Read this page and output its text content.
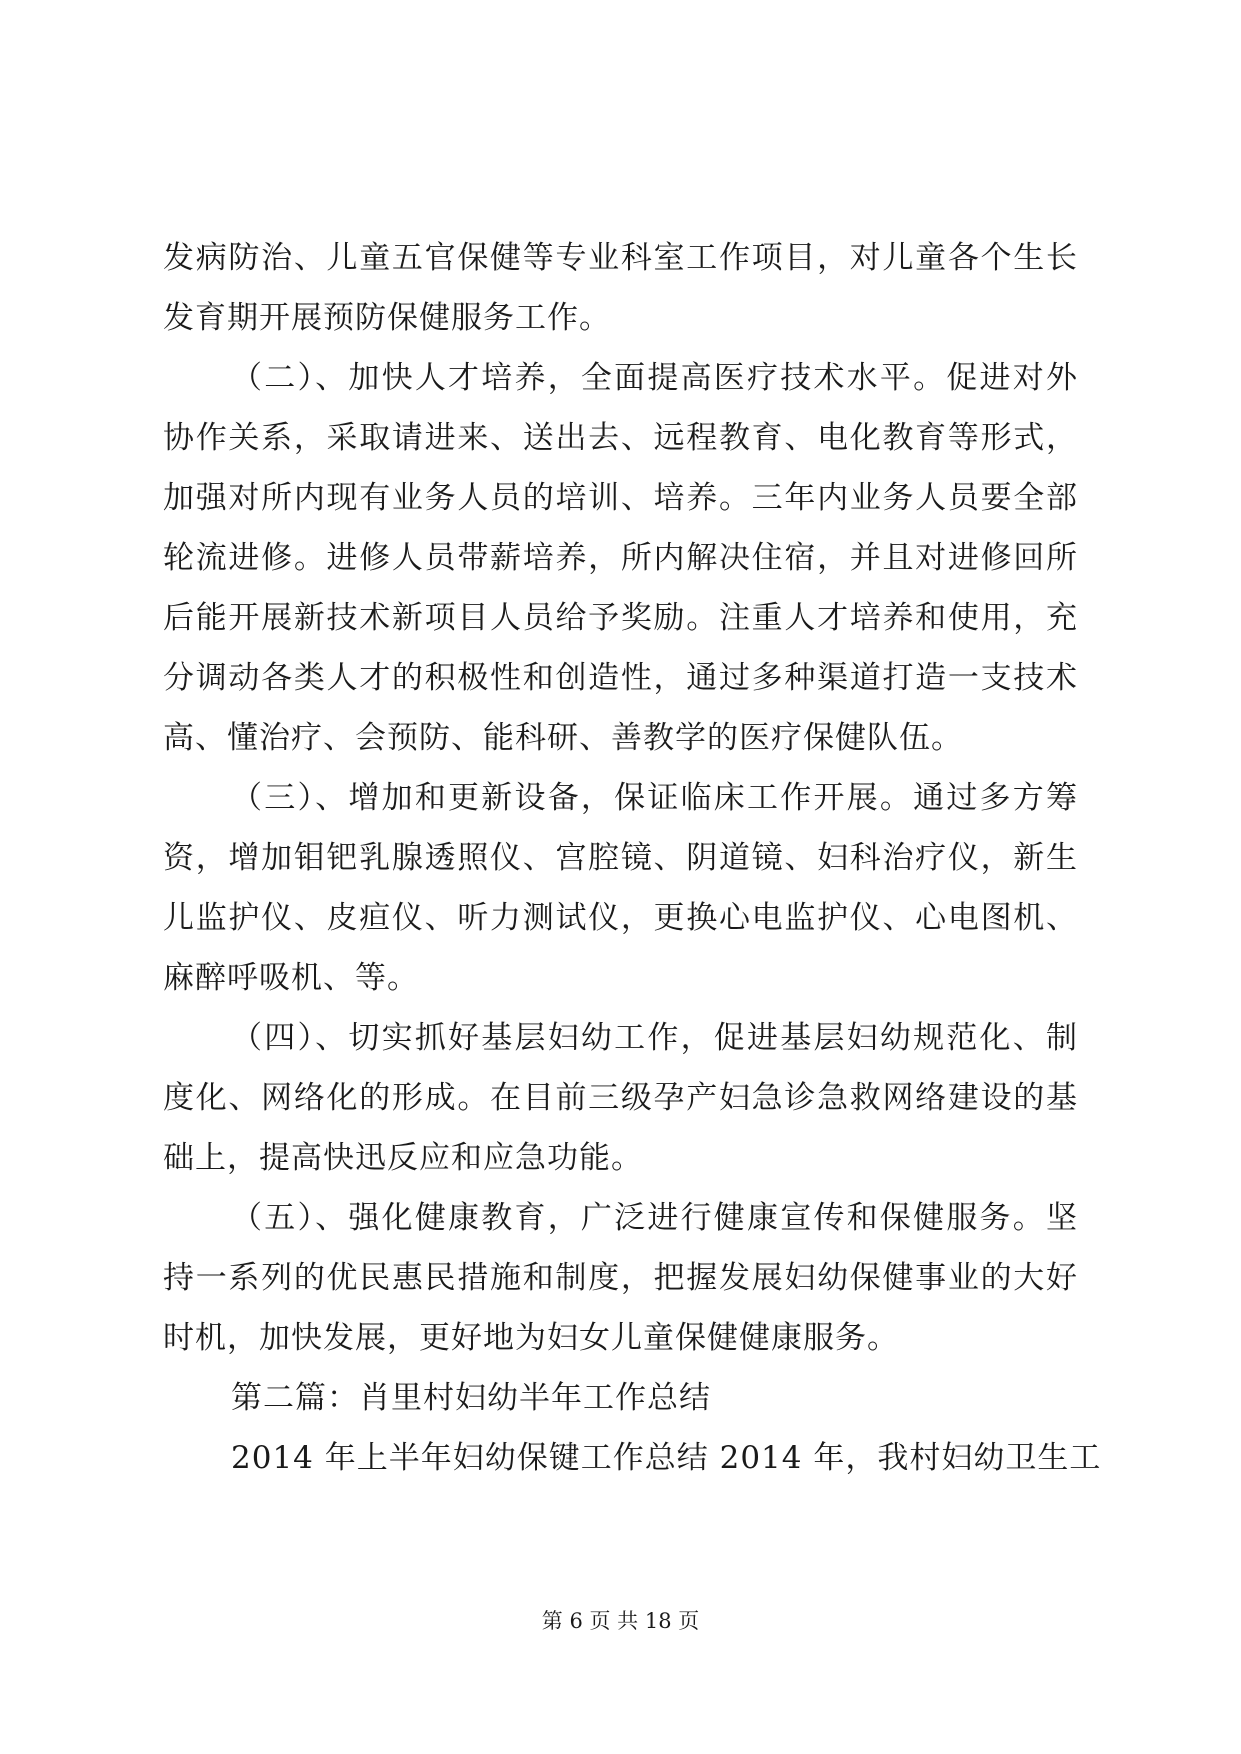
发病防治、儿童五官保健等专业科室工作项目，对儿童各个生长
发育期开展预防保健服务工作。
（二）、加快人才培养，全面提高医疗技术水平。促进对外
协作关系，采取请进来、送出去、远程教育、电化教育等形式，
加强对所内现有业务人员的培训、培养。三年内业务人员要全部
轮流进修。进修人员带薪培养，所内解决住宿，并且对进修回所
后能开展新技术新项目人员给予奖励。注重人才培养和使用，充
分调动各类人才的积极性和创造性，通过多种渠道打造一支技术
高、懂治疗、会预防、能科研、善教学的医疗保健队伍。
（三）、增加和更新设备，保证临床工作开展。通过多方筹
资，增加钼钯乳腺透照仪、宫腔镜、阴道镜、妇科治疗仪，新生
儿监护仪、皮疸仪、听力测试仪，更换心电监护仪、心电图机、
麻醉呼吸机、等。
（四）、切实抓好基层妇幼工作，促进基层妇幼规范化、制
度化、网络化的形成。在目前三级孕产妇急诊急救网络建设的基
础上，提高快迅反应和应急功能。
（五）、强化健康教育，广泛进行健康宣传和保健服务。坚
持一系列的优民惠民措施和制度，把握发展妇幼保健事业的大好
时机，加快发展，更好地为妇女儿童保健健康服务。
第二篇：肖里村妇幼半年工作总结
2014 年上半年妇幼保键工作总结 2014 年，我村妇幼卫生工
第 6 页 共 18 页
